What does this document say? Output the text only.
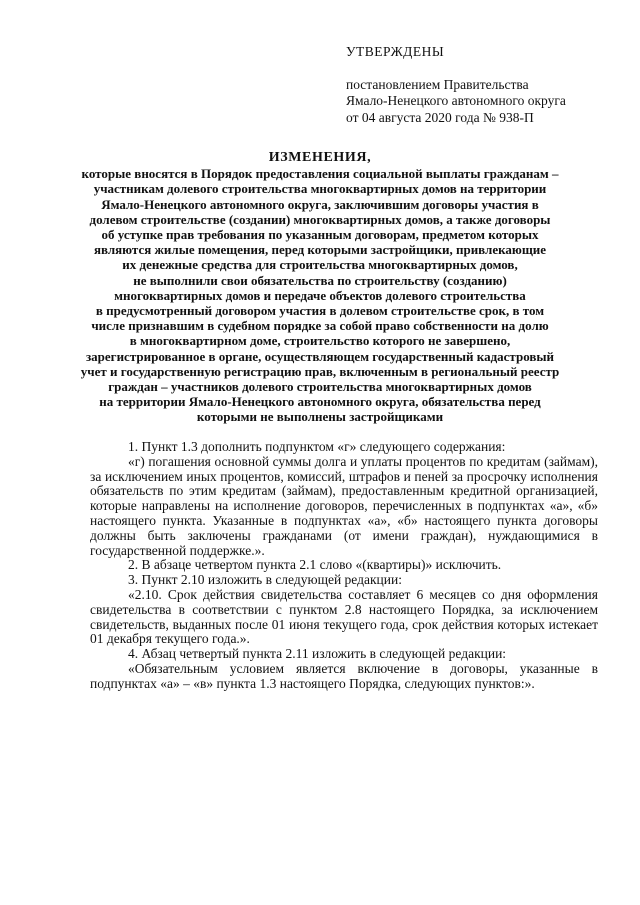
УТВЕРЖДЕНЫ
постановлением Правительства
Ямало-Ненецкого автономного округа
от 04 августа 2020 года № 938-П
ИЗМЕНЕНИЯ,
которые вносятся в Порядок предоставления социальной выплаты гражданам –
участникам долевого строительства многоквартирных домов на территории
Ямало-Ненецкого автономного округа, заключившим договоры участия в
долевом строительстве (создании) многоквартирных домов, а также договоры
об уступке прав требования по указанным договорам, предметом которых
являются жилые помещения, перед которыми застройщики, привлекающие
их денежные средства для строительства многоквартирных домов,
не выполнили свои обязательства по строительству (созданию)
многоквартирных домов и передаче объектов долевого строительства
в предусмотренный договором участия в долевом строительстве срок, в том
числе признавшим в судебном порядке за собой право собственности на долю
в многоквартирном доме, строительство которого не завершено,
зарегистрированное в органе, осуществляющем государственный кадастровый
учет и государственную регистрацию прав, включенным в региональный реестр
граждан – участников долевого строительства многоквартирных домов
на территории Ямало-Ненецкого автономного округа, обязательства перед
которыми не выполнены застройщиками

1. Пункт 1.3 дополнить подпунктом «г» следующего содержания:

«г) погашения основной суммы долга и уплаты процентов по кредитам (займам), за исключением иных процентов, комиссий, штрафов и пеней за просрочку исполнения обязательств по этим кредитам (займам), предоставленным кредитной организацией, которые направлены на исполнение договоров, перечисленных в подпунктах «а», «б» настоящего пункта. Указанные в подпунктах «а», «б» настоящего пункта договоры должны быть заключены гражданами (от имени граждан), нуждающимися в государственной поддержке.».

2. В абзаце четвертом пункта 2.1 слово «(квартиры)» исключить.

3. Пункт 2.10 изложить в следующей редакции:

«2.10. Срок действия свидетельства составляет 6 месяцев со дня оформления свидетельства в соответствии с пунктом 2.8 настоящего Порядка, за исключением свидетельств, выданных после 01 июня текущего года, срок действия которых истекает 01 декабря текущего года.».

4. Абзац четвертый пункта 2.11 изложить в следующей редакции:

«Обязательным условием является включение в договоры, указанные в подпунктах «а» – «в» пункта 1.3 настоящего Порядка, следующих пунктов:».
